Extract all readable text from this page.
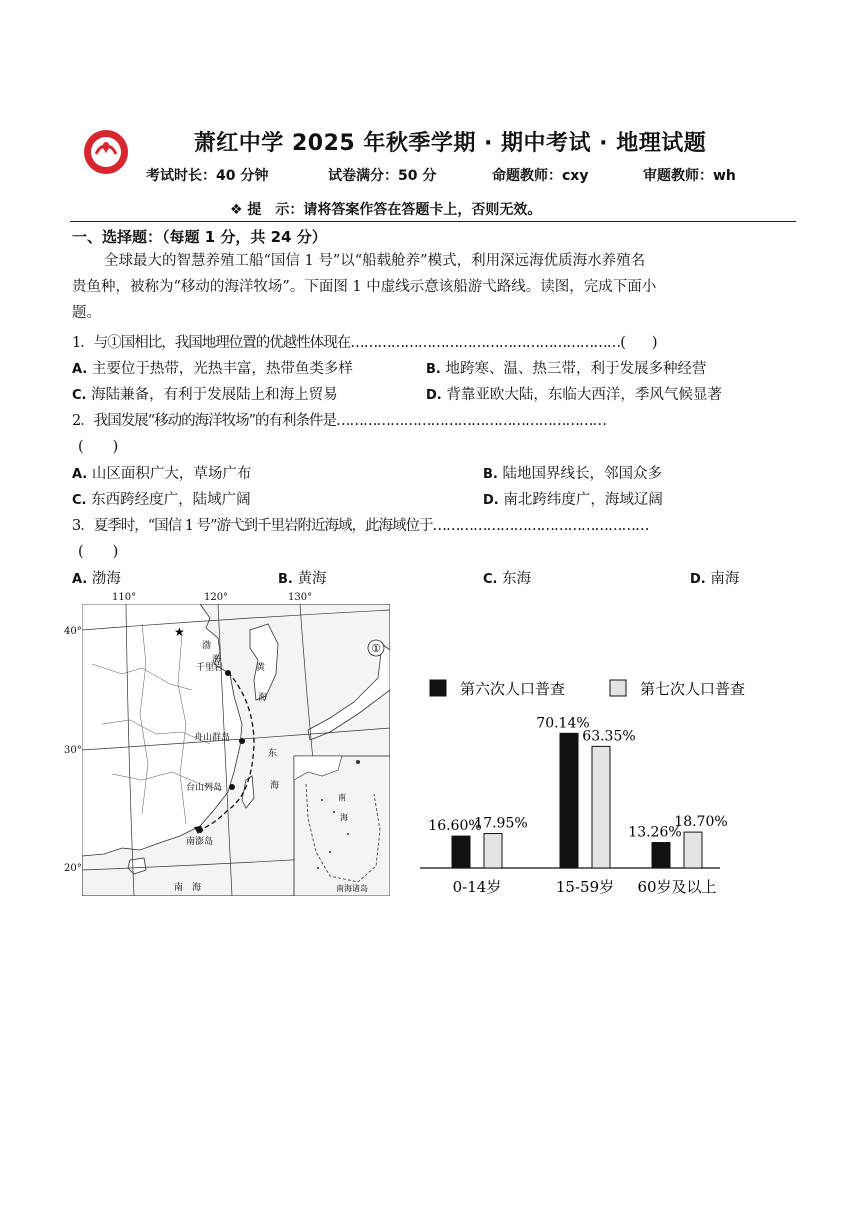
萧红中学 2025 年秋季学期 · 期中考试 · 地理试题
考试时长：40 分钟	试卷满分：50 分	命题教师：cxy	审题教师：wh
❖ 提　示：请将答案作答在答题卡上，否则无效。
一、选择题：（每题 1 分，共 24 分）
全球最大的智慧养殖工船“国信 1 号”以“船载舱养”模式，利用深远海优质海水养殖名
贵鱼种，被称为“移动的海洋牧场”。下面图 1 中虚线示意该船游弋路线。读图，完成下面小
题。
1．与①国相比，我国地理位置的优越性体现在……………………………………………………(　　)
A. 主要位于热带，光热丰富，热带鱼类多样	B. 地跨寒、温、热三带，利于发展多种经营
C. 海陆兼备，有利于发展陆上和海上贸易	D. 背靠亚欧大陆，东临大西洋，季风气候显著
2．我国发展“移动的海洋牧场”的有利条件是……………………………………………………
(　　)
A. 山区面积广大，草场广布	B. 陆地国界线长，邻国众多
C. 东西跨经度广，陆域广阔	D. 南北跨纬度广，海域辽阔
3．夏季时，“国信 1 号”游弋到千里岩附近海域，此海域位于…………………………………………
(　　)
A. 渤海	B. 黄海	C. 东海	D. 南海
①
★
千里岩
舟山群岛
台山列岛
南澎岛
渤
海
黄
海
东
海
南　海
南
海
南海诸岛
110°	120°	130°
40°
30°
20°
第六次人口普查	第七次人口普查
16.60%
17.95%
0-14岁
70.14%
63.35%
15-59岁
13.26%
18.70%
60岁及以上
